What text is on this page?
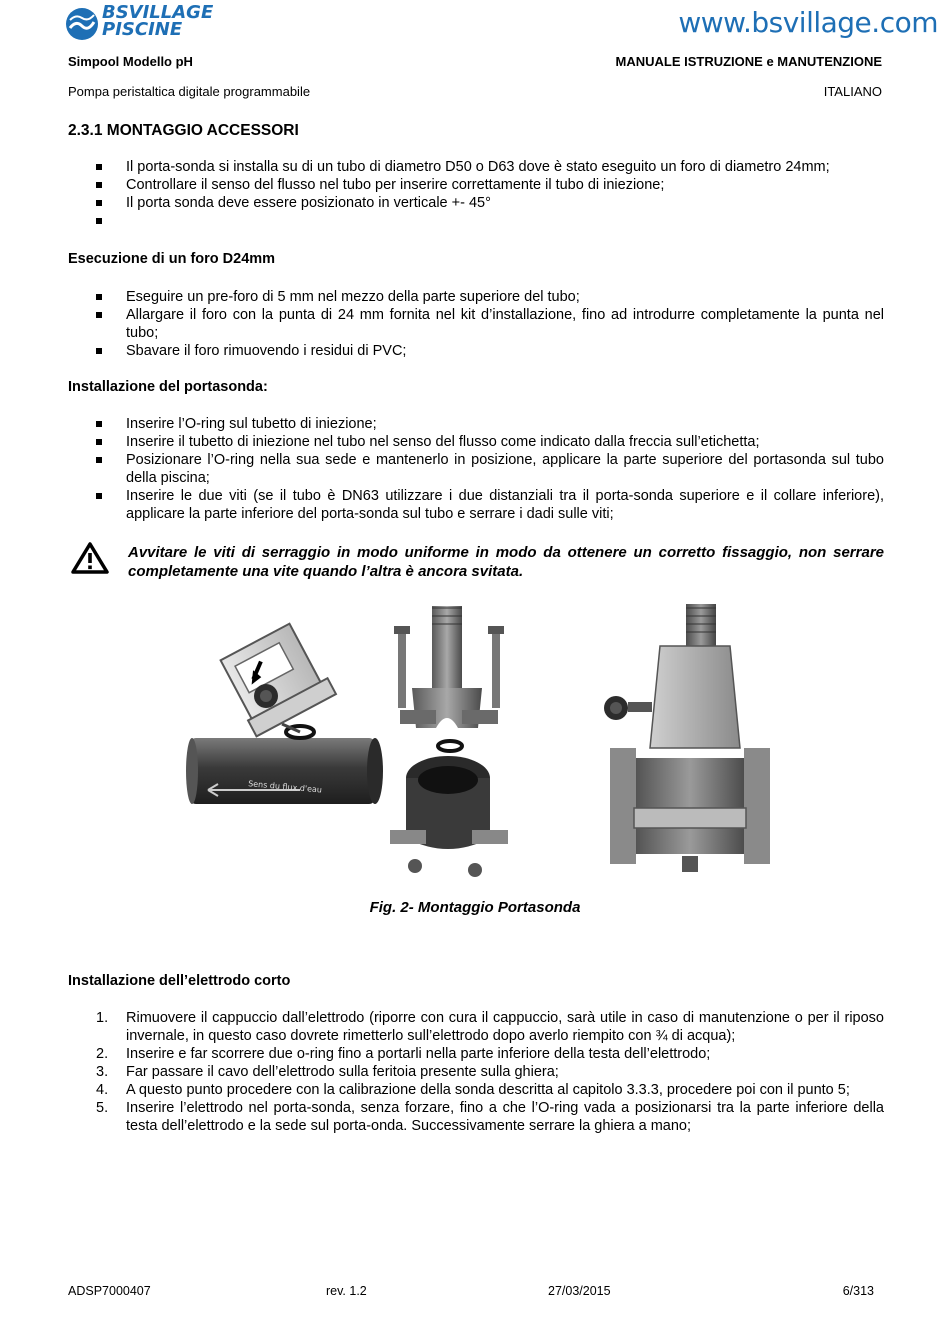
BSVILLAGE
PISCINE	www.bsvillage.com
Simpool Modello pH	MANUALE ISTRUZIONE e MANUTENZIONE
Pompa peristaltica digitale programmabile	ITALIANO
2.3.1 MONTAGGIO ACCESSORI
Il porta-sonda si installa su di un tubo di diametro D50 o D63 dove è stato eseguito un foro di diametro 24mm;
Controllare il senso del flusso nel tubo per inserire correttamente il tubo di iniezione;
Il porta sonda deve essere posizionato in verticale +- 45°
Esecuzione di un foro D24mm
Eseguire un pre-foro di 5 mm nel mezzo della parte superiore del tubo;
Allargare il foro con la punta di 24 mm fornita nel kit d’installazione, fino ad introdurre completamente la punta nel tubo;
Sbavare il foro rimuovendo i residui di PVC;
Installazione del portasonda:
Inserire l’O-ring sul tubetto di iniezione;
Inserire il tubetto di iniezione nel tubo nel senso del flusso come indicato dalla freccia sull’etichetta;
Posizionare l’O-ring nella sua sede e mantenerlo in posizione, applicare la parte superiore del portasonda sul tubo della piscina;
Inserire le due viti (se il tubo è DN63 utilizzare i due distanziali tra il porta-sonda superiore e il collare inferiore), applicare la parte inferiore del porta-sonda sul tubo e serrare i dadi sulle viti;
Avvitare le viti di serraggio in modo uniforme in modo da ottenere un corretto fissaggio, non serrare completamente una vite quando l’altra è ancora svitata.
Sens du flux d'eau
Fig. 2- Montaggio Portasonda
Installazione dell’elettrodo corto
1. Rimuovere il cappuccio dall’elettrodo (riporre con cura il cappuccio, sarà utile in caso di manutenzione o per il riposo invernale, in questo caso dovrete rimetterlo sull’elettrodo dopo averlo riempito con ¾ di acqua);
2. Inserire e far scorrere due o-ring fino a portarli nella parte inferiore della testa dell’elettrodo;
3. Far passare il cavo dell’elettrodo sulla feritoia presente sulla ghiera;
4. A questo punto procedere con la calibrazione della sonda descritta al capitolo 3.3.3, procedere poi con il punto 5;
5. Inserire l’elettrodo nel porta-sonda, senza forzare, fino a che l’O-ring vada a posizionarsi tra la parte inferiore della testa dell’elettrodo e la sede sul porta-onda. Successivamente serrare la ghiera a mano;
ADSP7000407	rev. 1.2	27/03/2015	6/313
